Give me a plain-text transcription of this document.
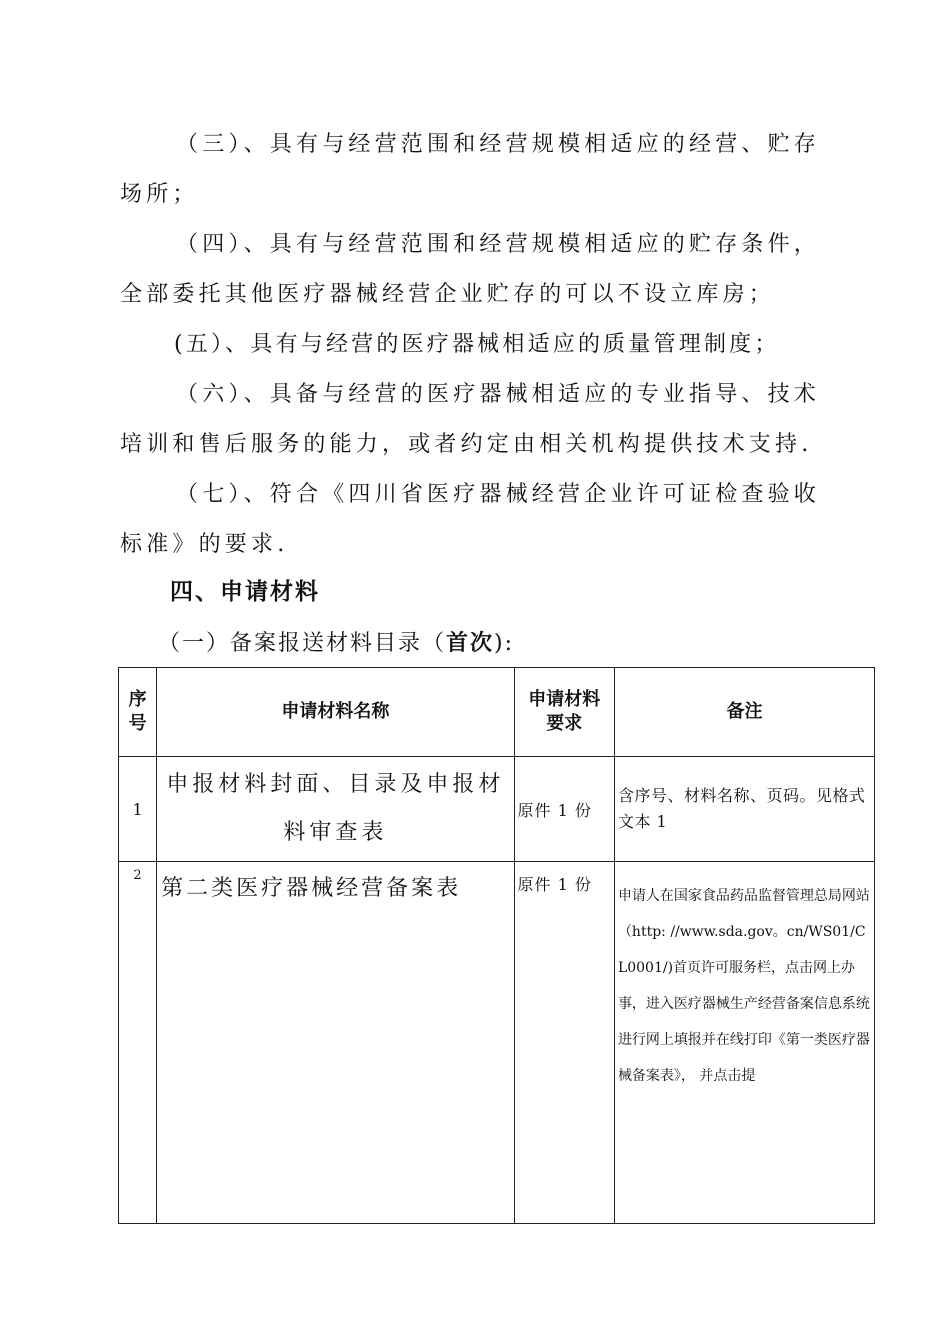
（三）、具有与经营范围和经营规模相适应的经营、贮存场所；

（四）、具有与经营范围和经营规模相适应的贮存条件，全部委托其他医疗器械经营企业贮存的可以不设立库房；

(五）、具有与经营的医疗器械相适应的质量管理制度；

（六）、具备与经营的医疗器械相适应的专业指导、技术培训和售后服务的能力，或者约定由相关机构提供技术支持.

（七）、符合《四川省医疗器械经营企业许可证检查验收标准》的要求.

四、申请材料
（一）备案报送材料目录（首次):
序号	申请材料名称	申请材料要求	备注
1	申报材料封面、目录及申报材料审查表	原件 1 份	含序号、材料名称、页码。见格式文本 1
2	第二类医疗器械经营备案表	原件 1 份	申请人在国家食品药品监督管理总局网站（http: //www.sda.gov。cn/WS01/CL0001/)首页许可服务栏，点击网上办事，进入医疗器械生产经营备案信息系统进行网上填报并在线打印《第一类医疗器械备案表》， 并点击提
